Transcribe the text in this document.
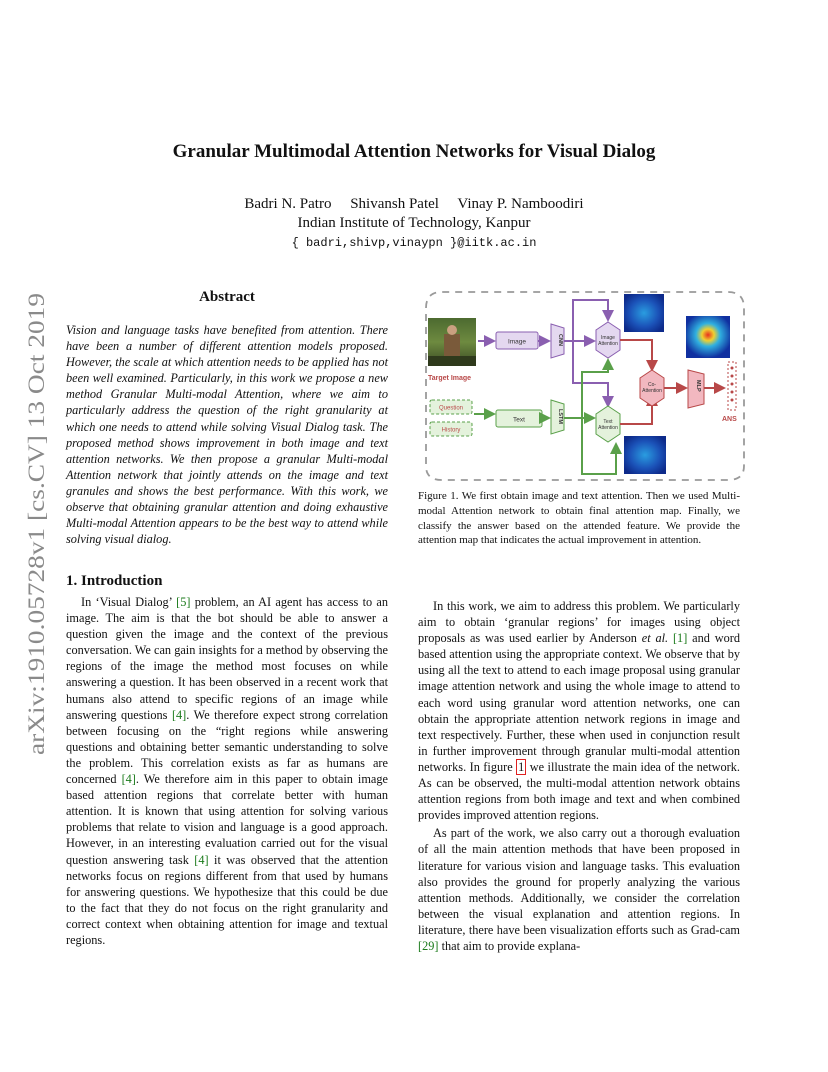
arXiv:1910.05728v1 [cs.CV] 13 Oct 2019
Granular Multimodal Attention Networks for Visual Dialog
Badri N. Patro     Shivansh Patel     Vinay P. Namboodiri
Indian Institute of Technology, Kanpur
{ badri,shivp,vinaypn }@iitk.ac.in
Abstract
Vision and language tasks have benefited from attention. There have been a number of different attention models proposed. However, the scale at which attention needs to be applied has not been well examined. Particularly, in this work we propose a new method Granular Multi-modal Attention, where we aim to particularly address the question of the right granularity at which one needs to attend while solving Visual Dialog task. The proposed method shows improvement in both image and text attention networks. We then propose a granular Multi-modal Attention network that jointly attends on the image and text granules and shows the best performance. With this work, we observe that obtaining granular attention and doing exhaustive Multi-modal Attention appears to be the best way to attend while solving visual dialog.
1. Introduction

In ‘Visual Dialog’ [5] problem, an AI agent has access to an image. The aim is that the bot should be able to answer a question given the image and the context of the previous conversation. We can gain insights for a method by observing the regions of the image the method most focuses on while answering a question. It has been observed in a recent work that humans also attend to specific regions of an image while answering questions [4]. We therefore expect strong correlation between focusing on the “right regions while answering questions and obtaining better semantic understanding to solve the problem. This correlation exists as far as humans are concerned [4]. We therefore aim in this paper to obtain image based attention regions that correlate better with human attention. It is known that using attention for solving various problems that relate to vision and language is a good approach. However, in an interesting evaluation carried out for the visual question answering task [4] it was observed that the attention networks focus on regions different from that used by humans for answering questions. We hypothesize that this could be due to the fact that they do not focus on the right granularity and correct context when obtaining attention for image and textual regions.

In this work, we aim to address this problem. We particularly aim to obtain ‘granular regions’ for images using object proposals as was used earlier by Anderson et al. [1] and word based attention using the appropriate context. We observe that by using all the text to attend to each image proposal using granular image attention network and using the whole image to attend to each word using granular word attention networks, one can obtain the appropriate attention network regions in image and text respectively. Further, these when used in conjunction result in further improvement through granular multi-modal attention networks. In figure 1 we illustrate the main idea of the network. As can be observed, the multi-modal attention network obtains attention regions from both image and text and when combined provides improved attention regions.

As part of the work, we also carry out a thorough evaluation of all the main attention methods that have been proposed in literature for various vision and language tasks. This evaluation also provides the ground for properly analyzing the various attention methods. Additionally, we consider the correlation between the visual explanation and attention regions. In literature, there have been visualization efforts such as Grad-cam [29] that aim to provide explana-

Target Image
Image	CNN	Image
Attention
Question
History
Text	LSTM	Text
Attention
Co-
Attention	MLP
ANS
Figure 1. We first obtain image and text attention. Then we used Multi-modal Attention network to obtain final attention map. Finally, we classify the answer based on the attended feature. We provide the attention map that indicates the actual improvement in attention.
